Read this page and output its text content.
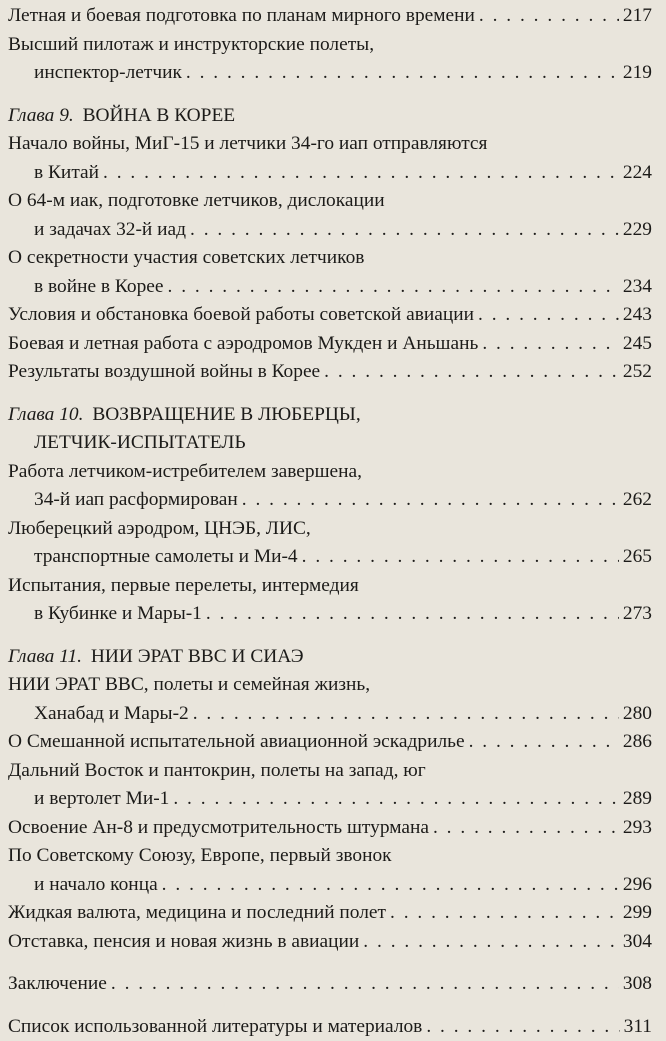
Летная и боевая подготовка по планам мирного времени . . .	217
Высший пилотаж и инструкторские полеты,
инспектор-летчик . . .	219
Глава 9. ВОЙНА В КОРЕЕ
Начало войны, МиГ-15 и летчики 34-го иап отправляются
в Китай . . .	224
О 64-м иак, подготовке летчиков, дислокации
и задачах 32-й иад . . .	229
О секретности участия советских летчиков
в войне в Корее . . .	234
Условия и обстановка боевой работы советской авиации . . .	243
Боевая и летная работа с аэродромов Мукден и Аньшань . . .	245
Результаты воздушной войны в Корее . . .	252
Глава 10. ВОЗВРАЩЕНИЕ В ЛЮБЕРЦЫ,
ЛЕТЧИК-ИСПЫТАТЕЛЬ
Работа летчиком-истребителем завершена,
34-й иап расформирован . . .	262
Люберецкий аэродром, ЦНЭБ, ЛИС,
транспортные самолеты и Ми-4 . . .	265
Испытания, первые перелеты, интермедия
в Кубинке и Мары-1 . . .	273
Глава 11. НИИ ЭРАТ ВВС И СИАЭ
НИИ ЭРАТ ВВС, полеты и семейная жизнь,
Ханабад и Мары-2 . . .	280
О Смешанной испытательной авиационной эскадрилье . . .	286
Дальний Восток и пантокрин, полеты на запад, юг
и вертолет Ми-1 . . .	289
Освоение Ан-8 и предусмотрительность штурмана . . .	293
По Советскому Союзу, Европе, первый звонок
и начало конца . . .	296
Жидкая валюта, медицина и последний полет . . .	299
Отставка, пенсия и новая жизнь в авиации . . .	304
Заключение . . .	308
Список использованной литературы и материалов . . .	311
